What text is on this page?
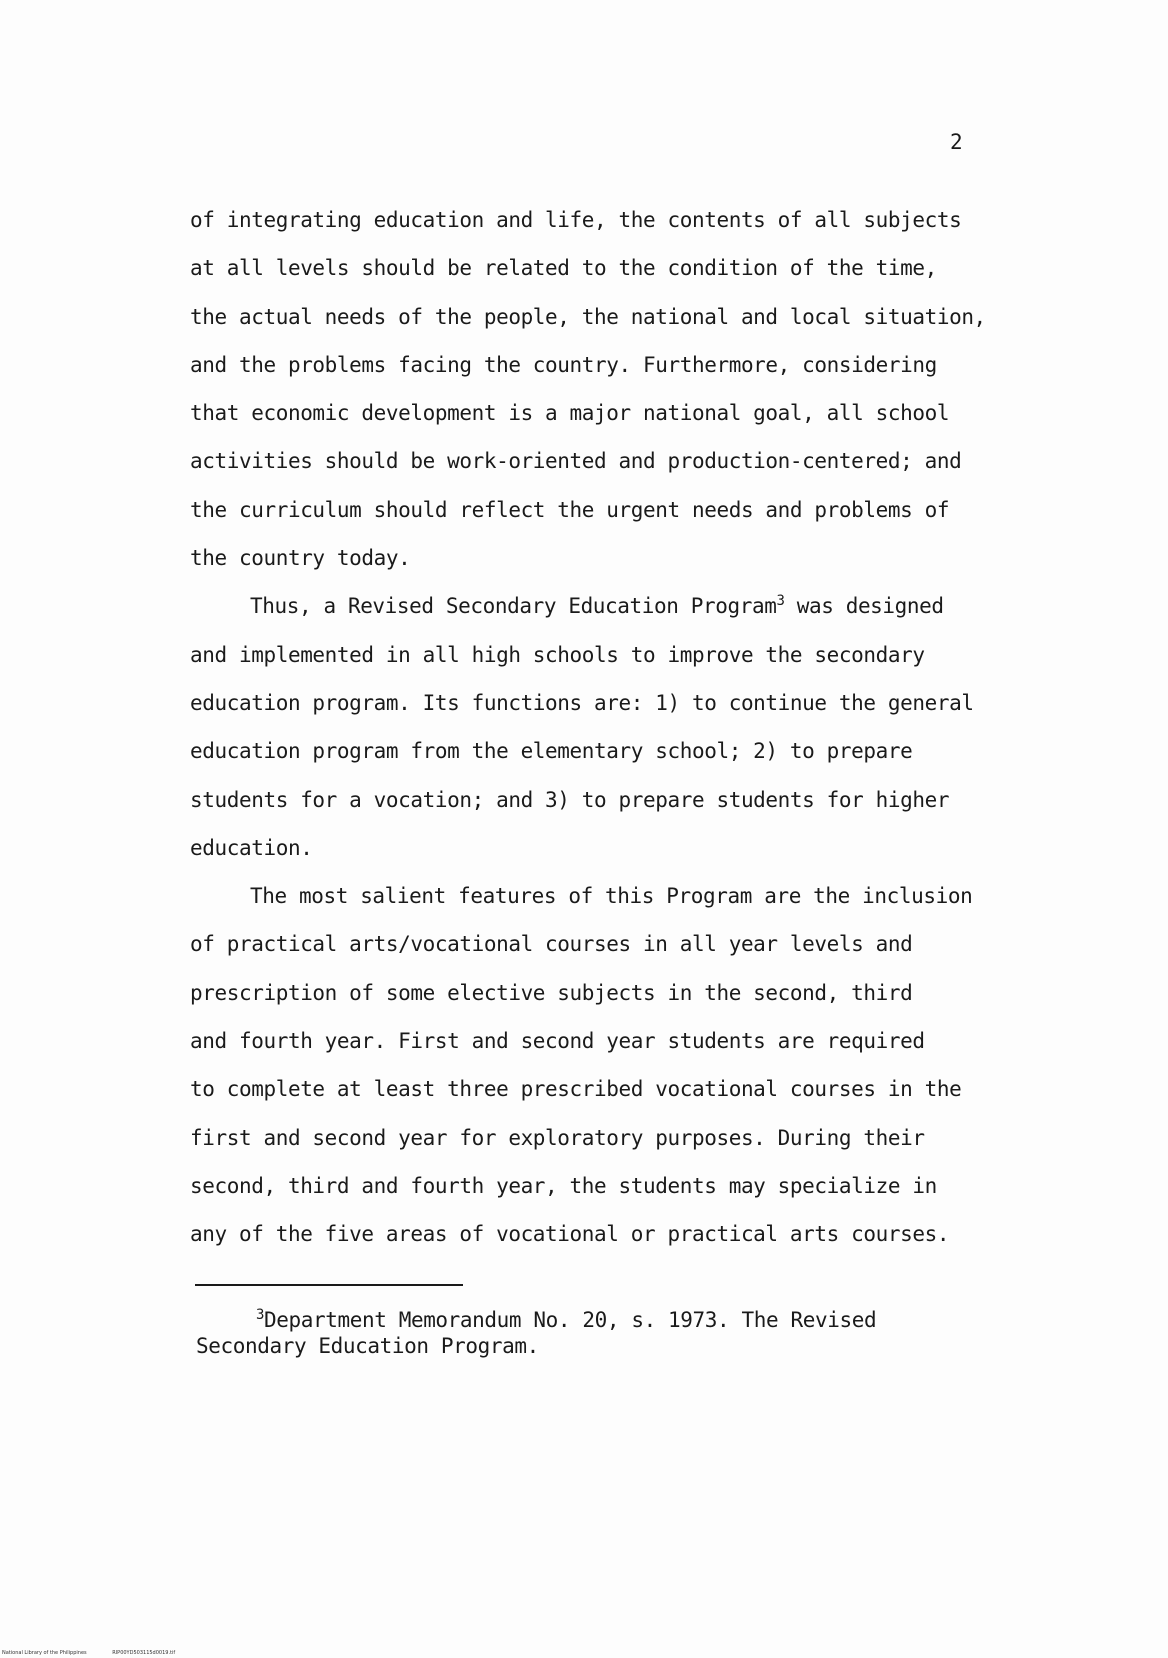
2
of integrating education and life, the contents of all subjects
at all levels should be related to the condition of the time,
the actual needs of the people, the national and local situation,
and the problems facing the country. Furthermore, considering
that economic development is a major national goal, all school
activities should be work-oriented and production-centered; and
the curriculum should reflect the urgent needs and problems of
the country today.
Thus, a Revised Secondary Education Program$^3$ was designed
and implemented in all high schools to improve the secondary
education program. Its functions are: 1) to continue the general
education program from the elementary school; 2) to prepare
students for a vocation; and 3) to prepare students for higher
education.
The most salient features of this Program are the inclusion
of practical arts/vocational courses in all year levels and
prescription of some elective subjects in the second, third
and fourth year. First and second year students are required
to complete at least three prescribed vocational courses in the
first and second year for exploratory purposes. During their
second, third and fourth year, the students may specialize in
any of the five areas of vocational or practical arts courses.
$^3$Department Memorandum No. 20, s. 1973. The Revised
Secondary Education Program.
National Library of the Philippines	RIP00YD503115d0019.tif
